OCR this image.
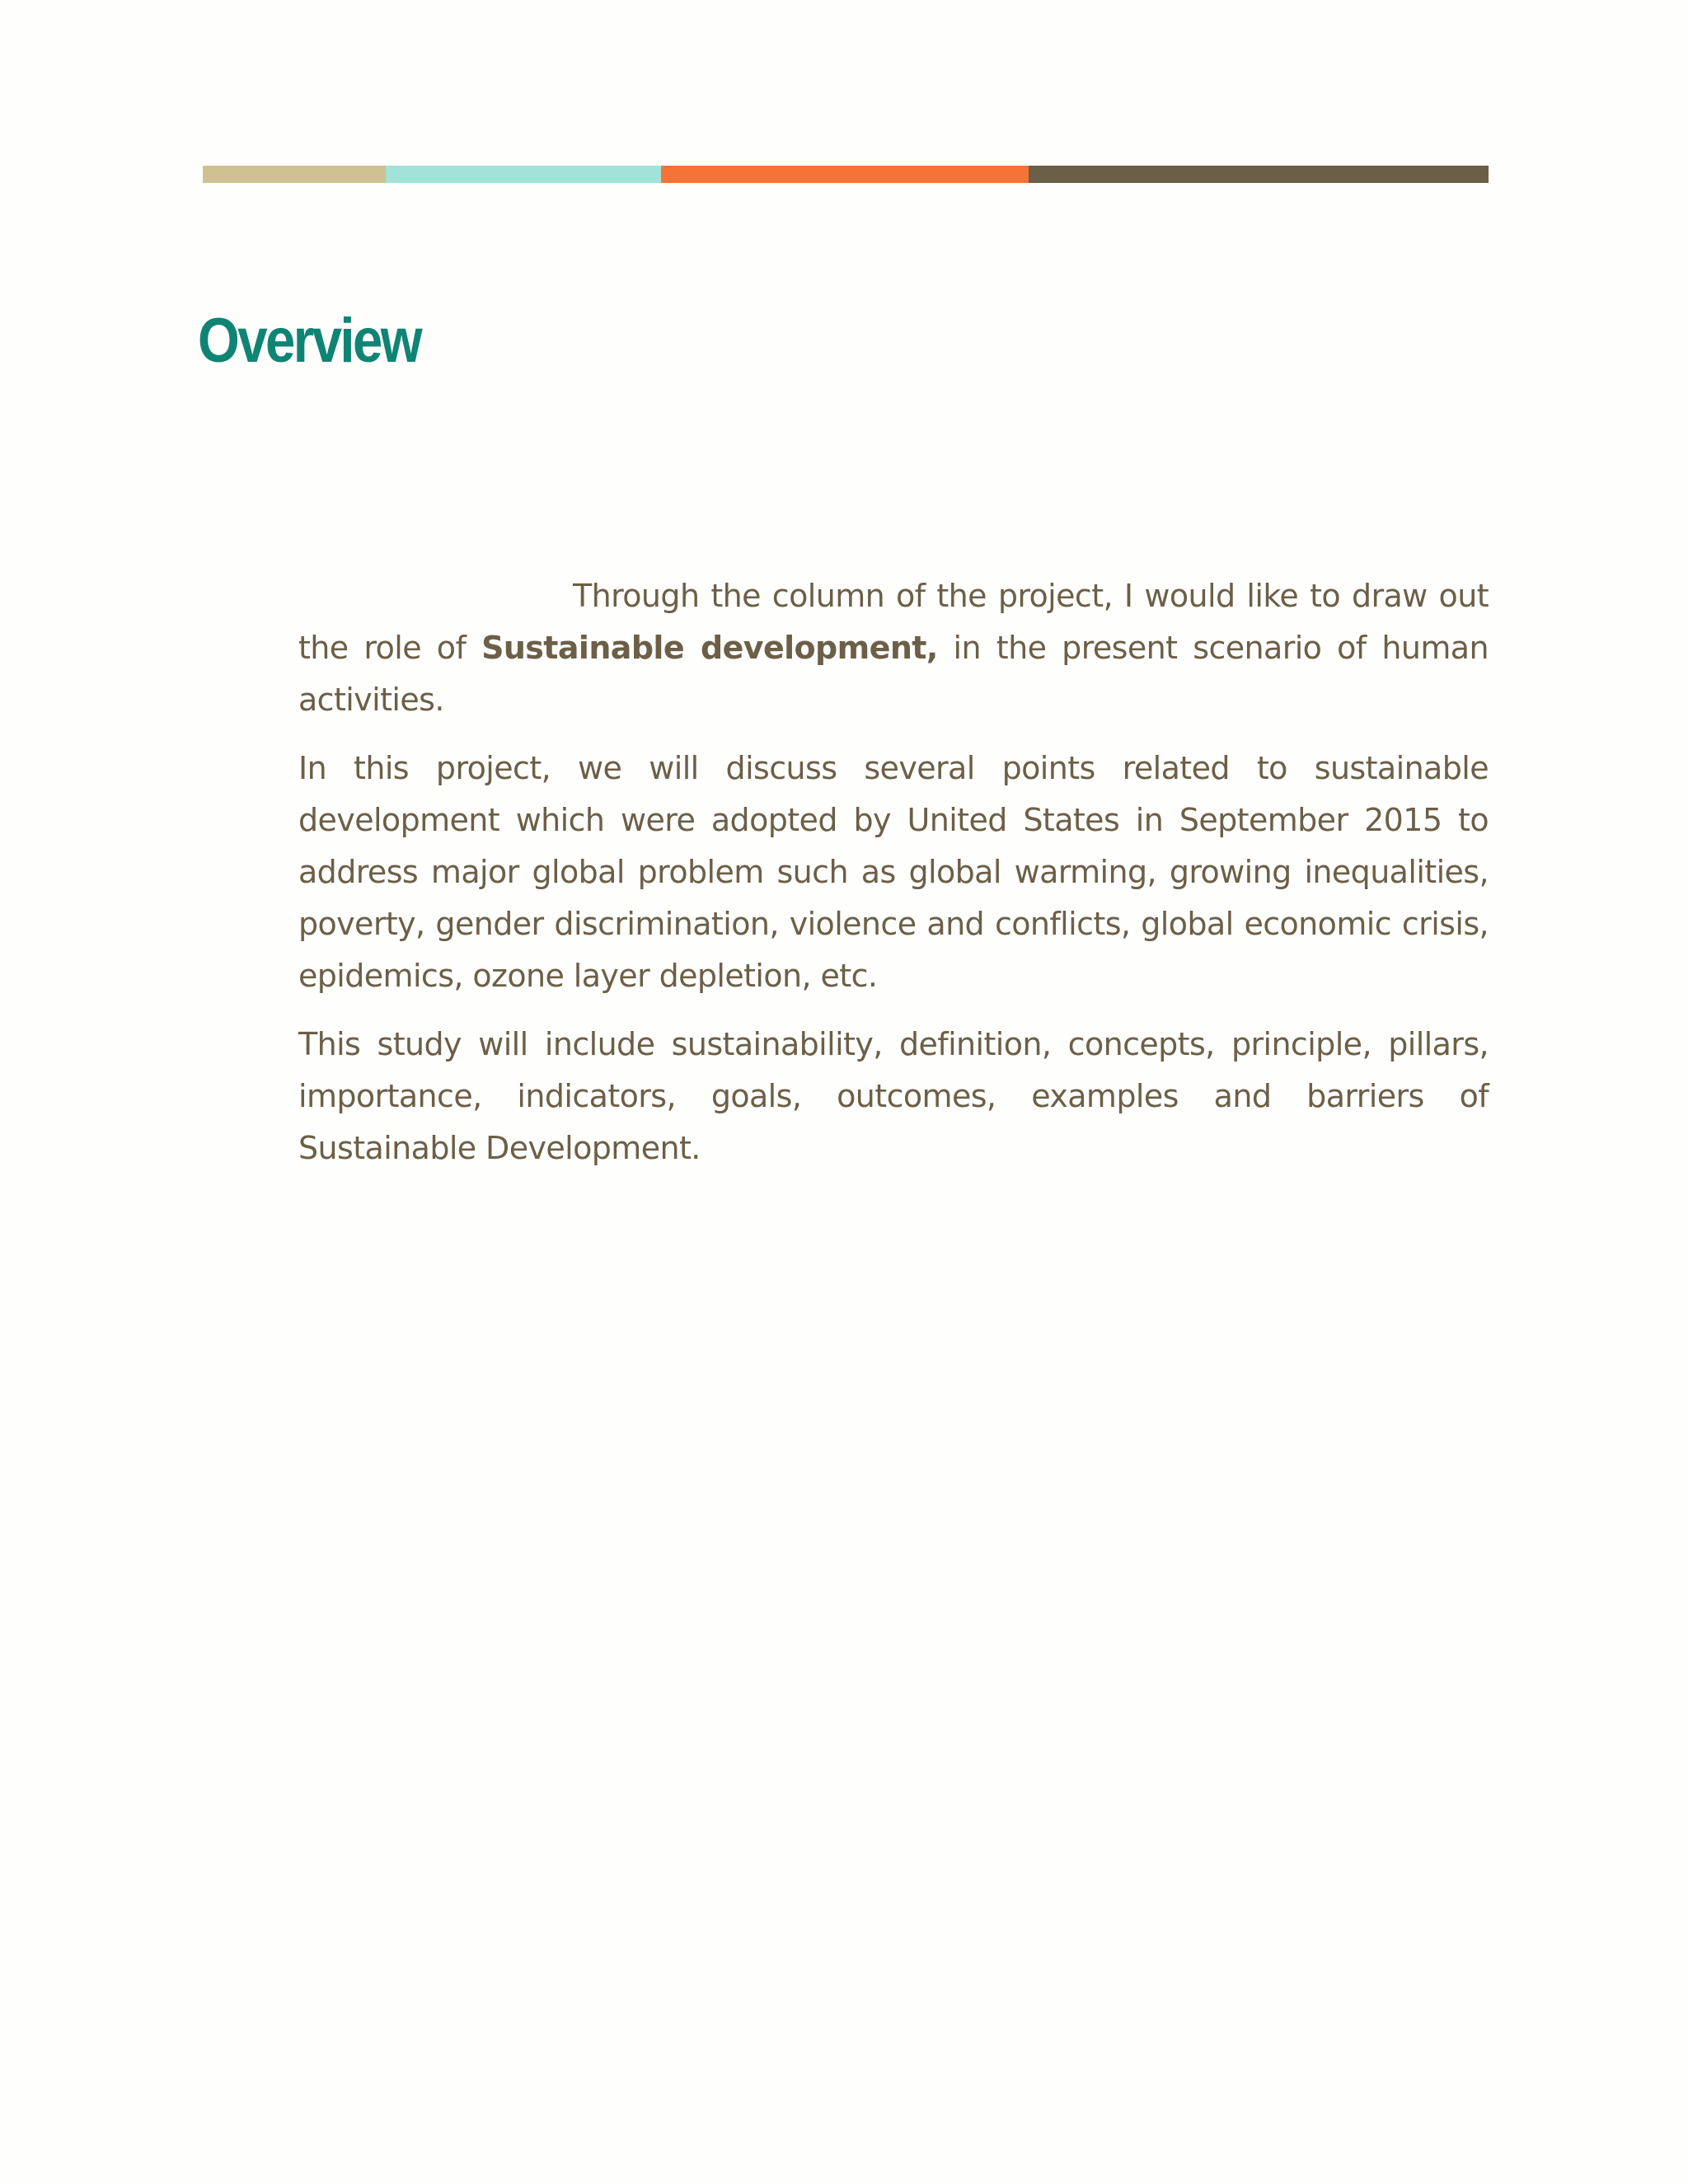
Overview

Through the column of the project, I would like to draw out the role of Sustainable development, in the present scenario of human activities.

In this project, we will discuss several points related to sustainable development which were adopted by United States in September 2015 to address major global problem such as global warming, growing inequalities, poverty, gender discrimination, violence and conflicts, global economic crisis, epidemics, ozone layer depletion, etc.

This study will include sustainability, definition, concepts, principle, pillars, importance, indicators, goals, outcomes, examples and barriers of Sustainable Development.
